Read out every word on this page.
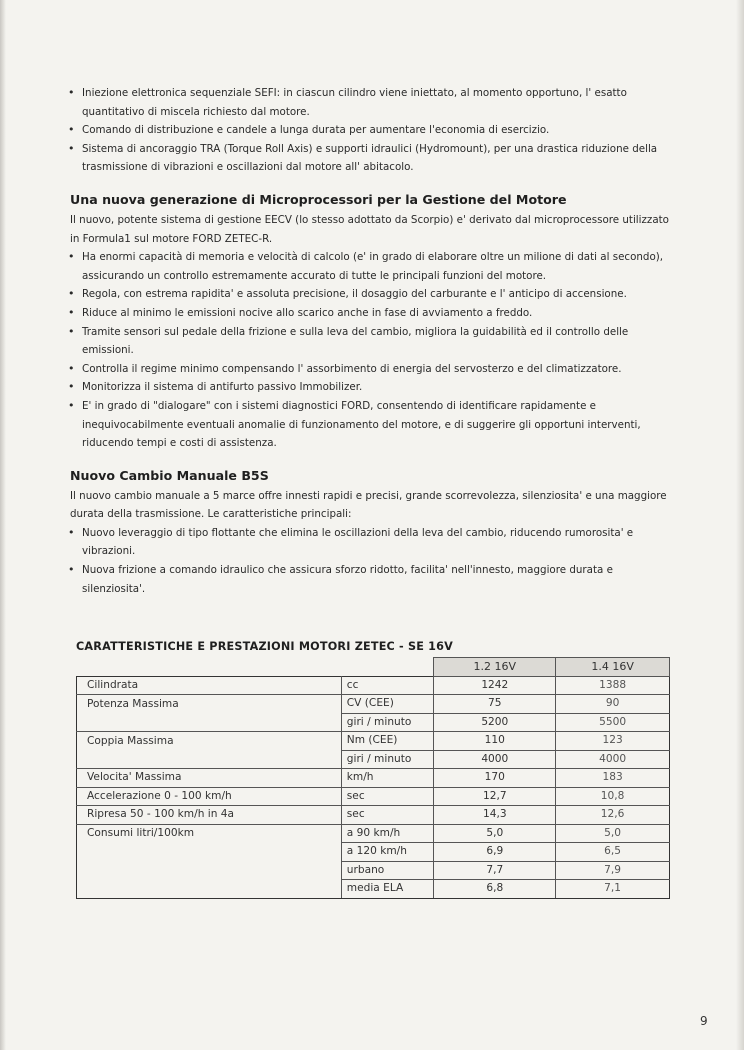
• Iniezione elettronica sequenziale SEFI: in ciascun cilindro viene iniettato, al momento opportuno, l' esatto quantitativo di miscela richiesto dal motore.
• Comando di distribuzione e candele a lunga durata per aumentare l'economia di esercizio.
• Sistema di ancoraggio TRA (Torque Roll Axis) e supporti idraulici (Hydromount), per una drastica riduzione della trasmissione di vibrazioni e oscillazioni dal motore all' abitacolo.
Una nuova generazione di Microprocessori per la Gestione del Motore

Il nuovo, potente sistema di gestione EECV (lo stesso adottato da Scorpio) e' derivato dal microprocessore utilizzato in Formula1 sul motore FORD ZETEC-R.

• Ha enormi capacità di memoria e velocità di calcolo (e' in grado di elaborare oltre un milione di dati al secondo), assicurando un controllo estremamente accurato di tutte le principali funzioni del motore.
• Regola, con estrema rapidita' e assoluta precisione, il dosaggio del carburante e l' anticipo di accensione.
• Riduce al minimo le emissioni nocive allo scarico anche in fase di avviamento a freddo.
• Tramite sensori sul pedale della frizione e sulla leva del cambio, migliora la guidabilità ed il controllo delle emissioni.
• Controlla il regime minimo compensando l' assorbimento di energia del servosterzo e del climatizzatore.
• Monitorizza il sistema di antifurto passivo Immobilizer.
• E' in grado di "dialogare" con i sistemi diagnostici FORD, consentendo di identificare rapidamente e inequivocabilmente eventuali anomalie di funzionamento del motore, e di suggerire gli opportuni interventi, riducendo tempi e costi di assistenza.
Nuovo Cambio Manuale B5S

Il nuovo cambio manuale a 5 marce offre innesti rapidi e precisi, grande scorrevolezza, silenziosita' e una maggiore durata della trasmissione. Le caratteristiche principali:

• Nuovo leveraggio di tipo flottante che elimina le oscillazioni della leva del cambio, riducendo rumorosita' e vibrazioni.
• Nuova frizione a comando idraulico che assicura sforzo ridotto, facilita' nell'innesto, maggiore durata e silenziosita'.
CARATTERISTICHE E PRESTAZIONI MOTORI ZETEC - SE 16V
		1.2 16V	1.4 16V
Cilindrata	cc	1242	1388
Potenza Massima	CV (CEE)	75	90
	giri / minuto	5200	5500
Coppia Massima	Nm (CEE)	110	123
	giri / minuto	4000	4000
Velocita' Massima	km/h	170	183
Accelerazione 0 - 100 km/h	sec	12,7	10,8
Ripresa 50 - 100 km/h in 4a	sec	14,3	12,6
Consumi litri/100km	a 90 km/h	5,0	5,0
	a 120 km/h	6,9	6,5
	urbano	7,7	7,9
	media ELA	6,8	7,1
9
